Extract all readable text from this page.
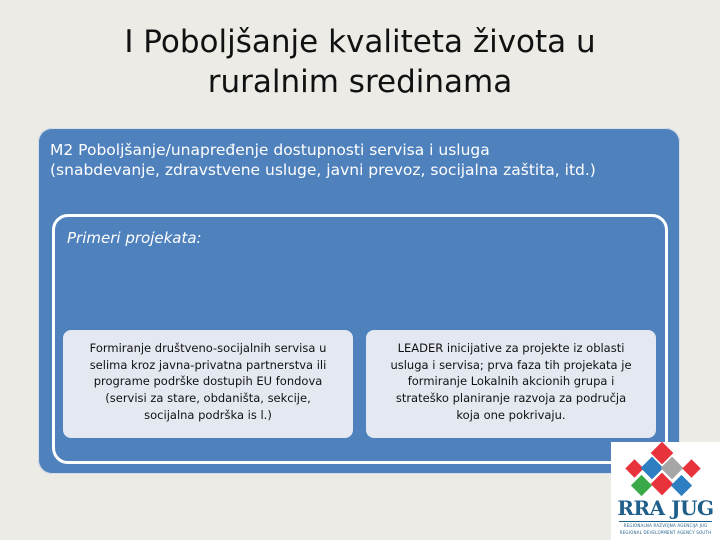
I Poboljšanje kvaliteta života u
ruralnim sredinama

M2 Poboljšanje/unapređenje dostupnosti servisa i usluga
(snabdevanje, zdravstvene usluge, javni prevoz, socijalna zaštita, itd.)

Primeri projekata:

Formiranje društveno-socijalnih servisa u
selima kroz javna-privatna partnerstva ili
programe podrške dostupih EU fondova
(servisi za stare, obdaništa, sekcije,
socijalna podrška is l.)
LEADER inicijative za projekte iz oblasti
usluga i servisa; prva faza tih projekata je
formiranje Lokalnih akcionih grupa i
strateško planiranje razvoja za područja
koja one pokrivaju.
RRA JUG
REGIONALNA RAZVOJNA AGENCIJA JUG
REGIONAL DEVELOPMENT AGENCY SOUTH
